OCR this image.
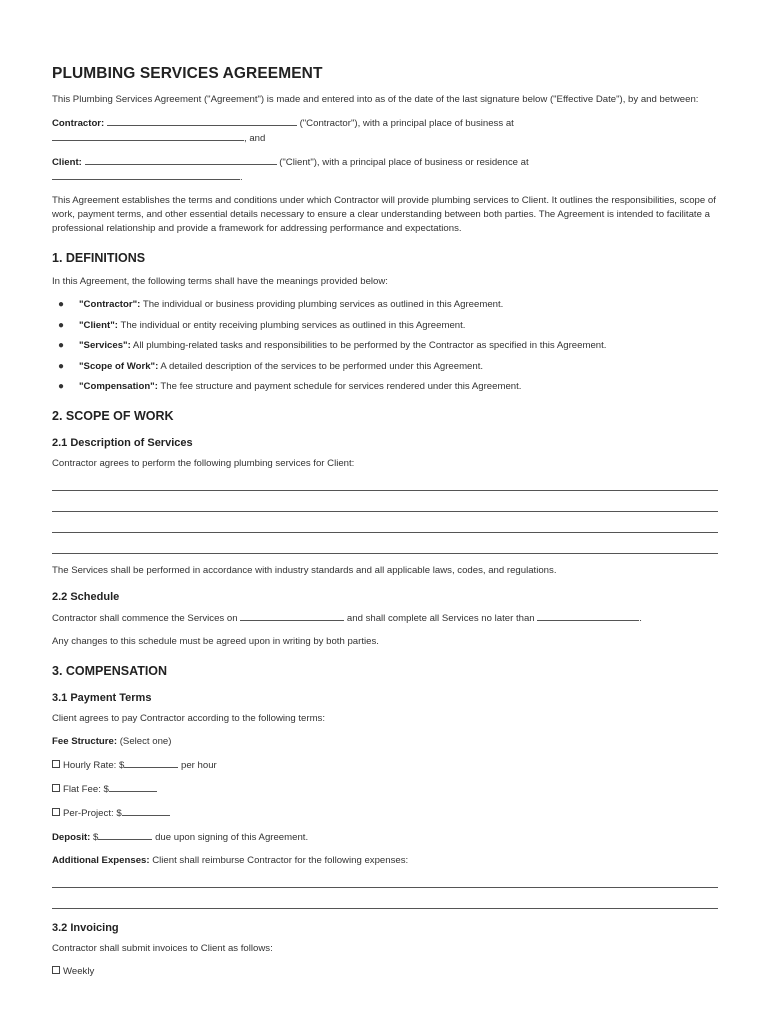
PLUMBING SERVICES AGREEMENT

This Plumbing Services Agreement ("Agreement") is made and entered into as of the date of the last signature below ("Effective Date"), by and between:

Contractor:	("Contractor"), with a principal place of business at

, and

Client:	("Client"), with a principal place of business or residence at

.

This Agreement establishes the terms and conditions under which Contractor will provide plumbing services to Client. It outlines the responsibilities, scope of work, payment terms, and other essential details necessary to ensure a clear understanding between both parties. The Agreement is intended to facilitate a professional relationship and provide a framework for addressing performance and expectations.

1. DEFINITIONS

In this Agreement, the following terms shall have the meanings provided below:

● "Contractor": The individual or business providing plumbing services as outlined in this Agreement.
● "Client": The individual or entity receiving plumbing services as outlined in this Agreement.
● "Services": All plumbing-related tasks and responsibilities to be performed by the Contractor as specified in this Agreement.
● "Scope of Work": A detailed description of the services to be performed under this Agreement.
● "Compensation": The fee structure and payment schedule for services rendered under this Agreement.
2. SCOPE OF WORK
2.1 Description of Services

Contractor agrees to perform the following plumbing services for Client:

The Services shall be performed in accordance with industry standards and all applicable laws, codes, and regulations.

2.2 Schedule

Contractor shall commence the Services on	and shall complete all Services no later than	.

Any changes to this schedule must be agreed upon in writing by both parties.

3. COMPENSATION
3.1 Payment Terms

Client agrees to pay Contractor according to the following terms:

Fee Structure: (Select one)

Hourly Rate: $	per hour

Flat Fee: $

Per-Project: $

Deposit: $	due upon signing of this Agreement.

Additional Expenses: Client shall reimburse Contractor for the following expenses:

3.2 Invoicing

Contractor shall submit invoices to Client as follows:

Weekly
